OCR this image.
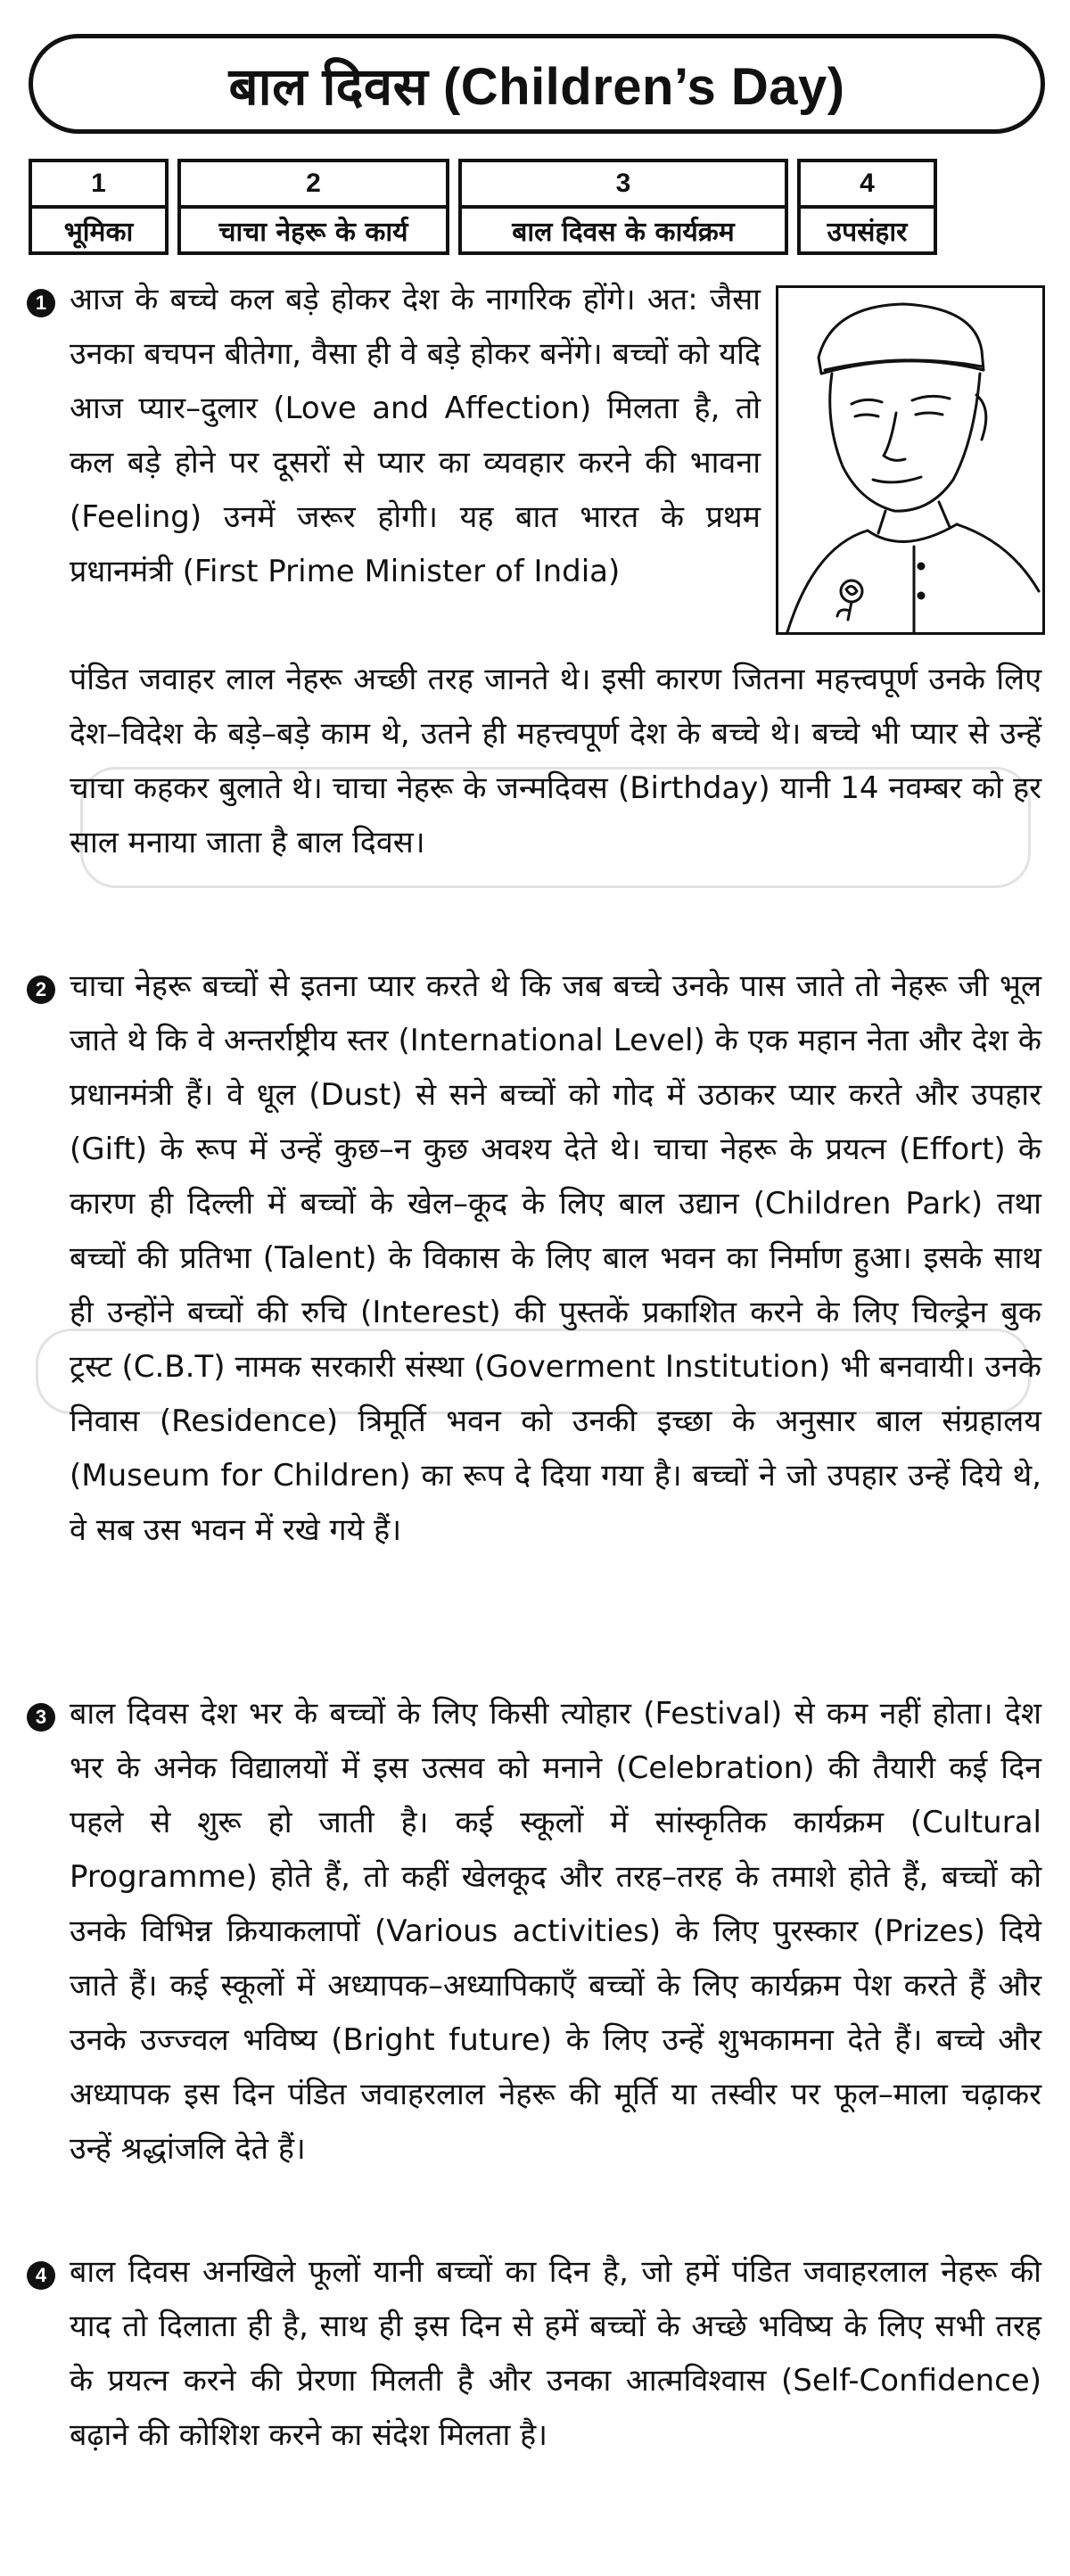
बाल दिवस (Children’s Day)
1
भूमिका
2
चाचा नेहरू के कार्य
3
बाल दिवस के कार्यक्रम
4
उपसंहार
1 आज के बच्चे कल बड़े होकर देश के नागरिक होंगे। अत: जैसा उनका बचपन बीतेगा, वैसा ही वे बड़े होकर बनेंगे। बच्चों को यदि आज प्यार–दुलार (Love and Affection) मिलता है, तो कल बड़े होने पर दूसरों से प्यार का व्यवहार करने की भावना (Feeling) उनमें जरूर होगी। यह बात भारत के प्रथम प्रधानमंत्री (First Prime Minister of India)

पंडित जवाहर लाल नेहरू अच्छी तरह जानते थे। इसी कारण जितना महत्त्वपूर्ण उनके लिए देश–विदेश के बड़े–बड़े काम थे, उतने ही महत्त्वपूर्ण देश के बच्चे थे। बच्चे भी प्यार से उन्हें चाचा कहकर बुलाते थे। चाचा नेहरू के जन्मदिवस (Birthday) यानी 14 नवम्बर को हर साल मनाया जाता है बाल दिवस।

2 चाचा नेहरू बच्चों से इतना प्यार करते थे कि जब बच्चे उनके पास जाते तो नेहरू जी भूल जाते थे कि वे अन्तर्राष्ट्रीय स्तर (International Level) के एक महान नेता और देश के प्रधानमंत्री हैं। वे धूल (Dust) से सने बच्चों को गोद में उठाकर प्यार करते और उपहार (Gift) के रूप में उन्हें कुछ–न कुछ अवश्य देते थे। चाचा नेहरू के प्रयत्न (Effort) के कारण ही दिल्ली में बच्चों के खेल–कूद के लिए बाल उद्यान (Children Park) तथा बच्चों की प्रतिभा (Talent) के विकास के लिए बाल भवन का निर्माण हुआ। इसके साथ ही उन्होंने बच्चों की रुचि (Interest) की पुस्तकें प्रकाशित करने के लिए चिल्ड्रेन बुक ट्रस्ट (C.B.T) नामक सरकारी संस्था (Goverment Institution) भी बनवायी। उनके निवास (Residence) त्रिमूर्ति भवन को उनकी इच्छा के अनुसार बाल संग्रहालय (Museum for Children) का रूप दे दिया गया है। बच्चों ने जो उपहार उन्हें दिये थे, वे सब उस भवन में रखे गये हैं।

3 बाल दिवस देश भर के बच्चों के लिए किसी त्योहार (Festival) से कम नहीं होता। देश भर के अनेक विद्यालयों में इस उत्सव को मनाने (Celebration) की तैयारी कई दिन पहले से शुरू हो जाती है। कई स्कूलों में सांस्कृतिक कार्यक्रम (Cultural Programme) होते हैं, तो कहीं खेलकूद और तरह–तरह के तमाशे होते हैं, बच्चों को उनके विभिन्न क्रियाकलापों (Various activities) के लिए पुरस्कार (Prizes) दिये जाते हैं। कई स्कूलों में अध्यापक–अध्यापिकाएँ बच्चों के लिए कार्यक्रम पेश करते हैं और उनके उज्ज्वल भविष्य (Bright future) के लिए उन्हें शुभकामना देते हैं। बच्चे और अध्यापक इस दिन पंडित जवाहरलाल नेहरू की मूर्ति या तस्वीर पर फूल–माला चढ़ाकर उन्हें श्रद्धांजलि देते हैं।

4 बाल दिवस अनखिले फूलों यानी बच्चों का दिन है, जो हमें पंडित जवाहरलाल नेहरू की याद तो दिलाता ही है, साथ ही इस दिन से हमें बच्चों के अच्छे भविष्य के लिए सभी तरह के प्रयत्न करने की प्रेरणा मिलती है और उनका आत्मविश्वास (Self-Confidence) बढ़ाने की कोशिश करने का संदेश मिलता है।
